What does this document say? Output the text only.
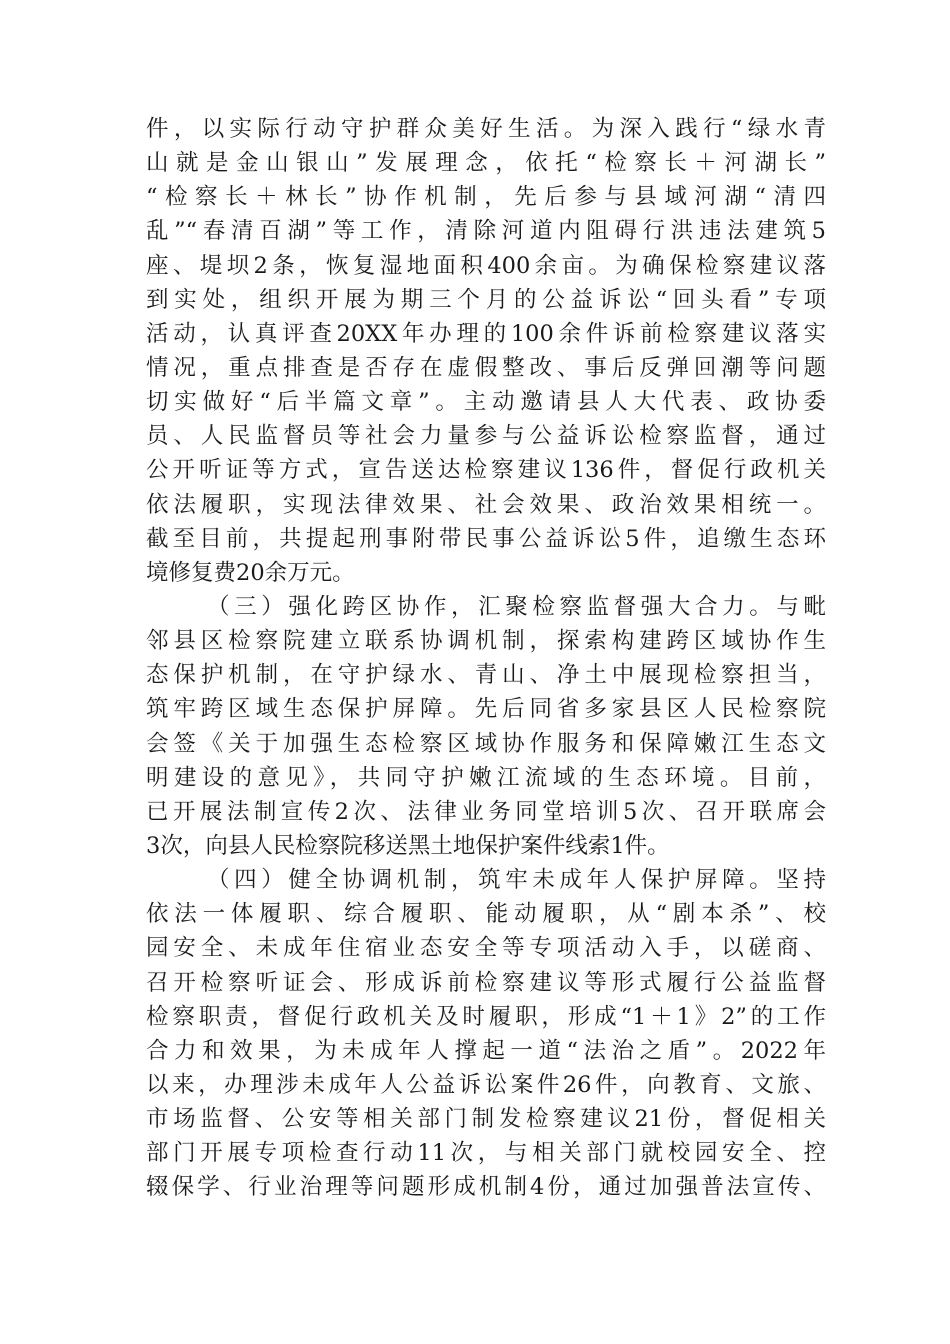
件，以实际行动守护群众美好生活。为深入践行“绿水青
山就是金山银山”发展理念，依托“检察长＋河湖长”
“检察长＋林长”协作机制，先后参与县域河湖“清四
乱”“春清百湖”等工作，清除河道内阻碍行洪违法建筑5
座、堤坝2条，恢复湿地面积400余亩。为确保检察建议落
到实处，组织开展为期三个月的公益诉讼“回头看”专项
活动，认真评查20XX年办理的100余件诉前检察建议落实
情况，重点排查是否存在虚假整改、事后反弹回潮等问题
切实做好“后半篇文章”。主动邀请县人大代表、政协委
员、人民监督员等社会力量参与公益诉讼检察监督，通过
公开听证等方式，宣告送达检察建议136件，督促行政机关
依法履职，实现法律效果、社会效果、政治效果相统一。
截至目前，共提起刑事附带民事公益诉讼5件，追缴生态环
境修复费20余万元。
（三）强化跨区协作，汇聚检察监督强大合力。与毗
邻县区检察院建立联系协调机制，探索构建跨区域协作生
态保护机制，在守护绿水、青山、净土中展现检察担当，
筑牢跨区域生态保护屏障。先后同省多家县区人民检察院
会签《关于加强生态检察区域协作服务和保障嫩江生态文
明建设的意见》，共同守护嫩江流域的生态环境。目前，
已开展法制宣传2次、法律业务同堂培训5次、召开联席会
3次，向县人民检察院移送黑土地保护案件线索1件。
（四）健全协调机制，筑牢未成年人保护屏障。坚持
依法一体履职、综合履职、能动履职，从“剧本杀”、校
园安全、未成年住宿业态安全等专项活动入手，以磋商、
召开检察听证会、形成诉前检察建议等形式履行公益监督
检察职责，督促行政机关及时履职，形成“1＋1》2”的工作
合力和效果，为未成年人撑起一道“法治之盾”。2022年
以来，办理涉未成年人公益诉讼案件26件，向教育、文旅、
市场监督、公安等相关部门制发检察建议21份，督促相关
部门开展专项检查行动11次，与相关部门就校园安全、控
辍保学、行业治理等问题形成机制4份，通过加强普法宣传、
